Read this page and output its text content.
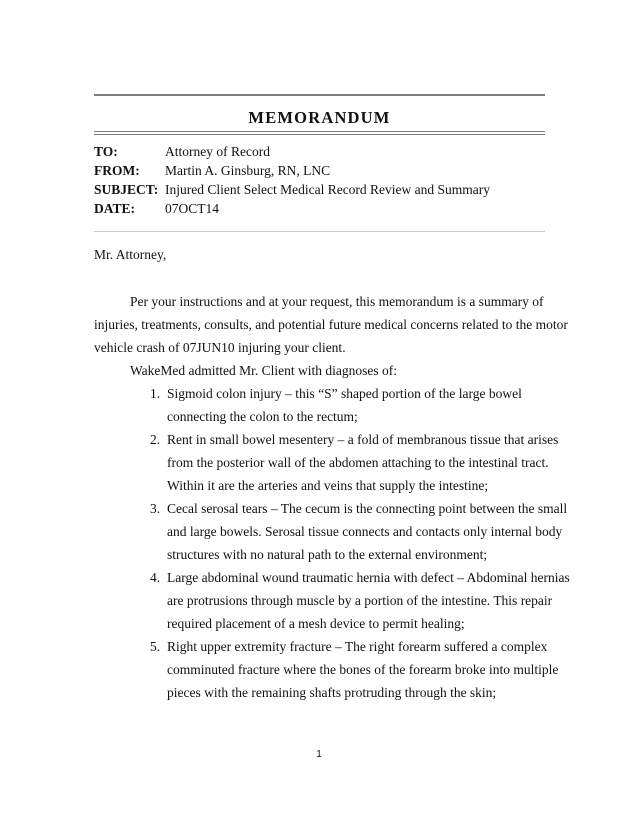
MEMORANDUM
TO:	Attorney of Record
FROM: Martin A. Ginsburg, RN, LNC
SUBJECT: Injured Client Select Medical Record Review and Summary
DATE: 07OCT14
Mr. Attorney,
Per your instructions and at your request, this memorandum is a summary of
injuries, treatments, consults, and potential future medical concerns related to the motor
vehicle crash of 07JUN10 injuring your client.
WakeMed admitted Mr. Client with diagnoses of:
1. Sigmoid colon injury – this “S” shaped portion of the large bowel
connecting the colon to the rectum;
2. Rent in small bowel mesentery – a fold of membranous tissue that arises
from the posterior wall of the abdomen attaching to the intestinal tract.
Within it are the arteries and veins that supply the intestine;
3. Cecal serosal tears – The cecum is the connecting point between the small
and large bowels. Serosal tissue connects and contacts only internal body
structures with no natural path to the external environment;
4. Large abdominal wound traumatic hernia with defect – Abdominal hernias
are protrusions through muscle by a portion of the intestine. This repair
required placement of a mesh device to permit healing;
5. Right upper extremity fracture – The right forearm suffered a complex
comminuted fracture where the bones of the forearm broke into multiple
pieces with the remaining shafts protruding through the skin;
1
